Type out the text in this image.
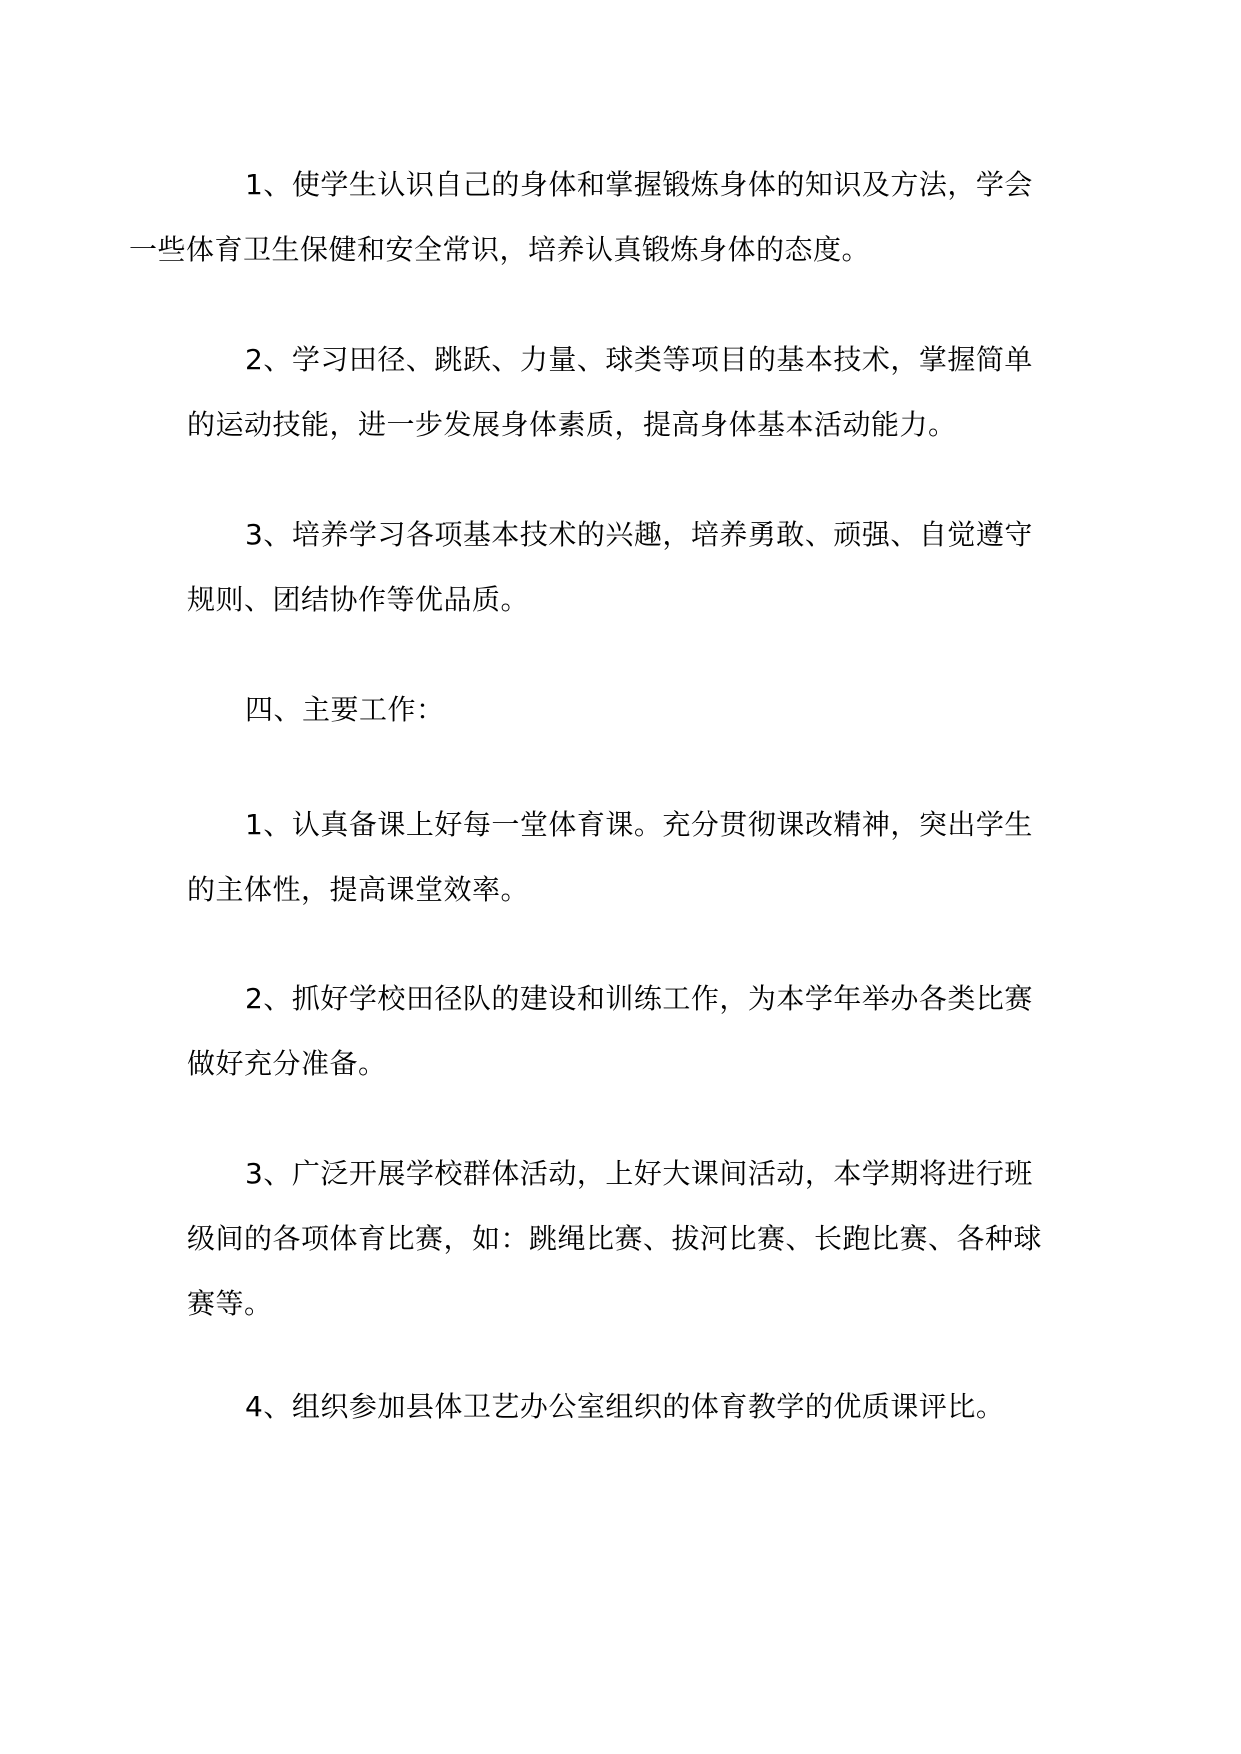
1、使学生认识自己的身体和掌握锻炼身体的知识及方法，学会
一些体育卫生保健和安全常识，培养认真锻炼身体的态度。

2、学习田径、跳跃、力量、球类等项目的基本技术，掌握简单
的运动技能，进一步发展身体素质，提高身体基本活动能力。

3、培养学习各项基本技术的兴趣，培养勇敢、顽强、自觉遵守
规则、团结协作等优品质。

四、主要工作：

1、认真备课上好每一堂体育课。充分贯彻课改精神，突出学生
的主体性，提高课堂效率。

2、抓好学校田径队的建设和训练工作，为本学年举办各类比赛
做好充分准备。

3、广泛开展学校群体活动，上好大课间活动，本学期将进行班
级间的各项体育比赛，如：跳绳比赛、拔河比赛、长跑比赛、各种球
赛等。

4、组织参加县体卫艺办公室组织的体育教学的优质课评比。
